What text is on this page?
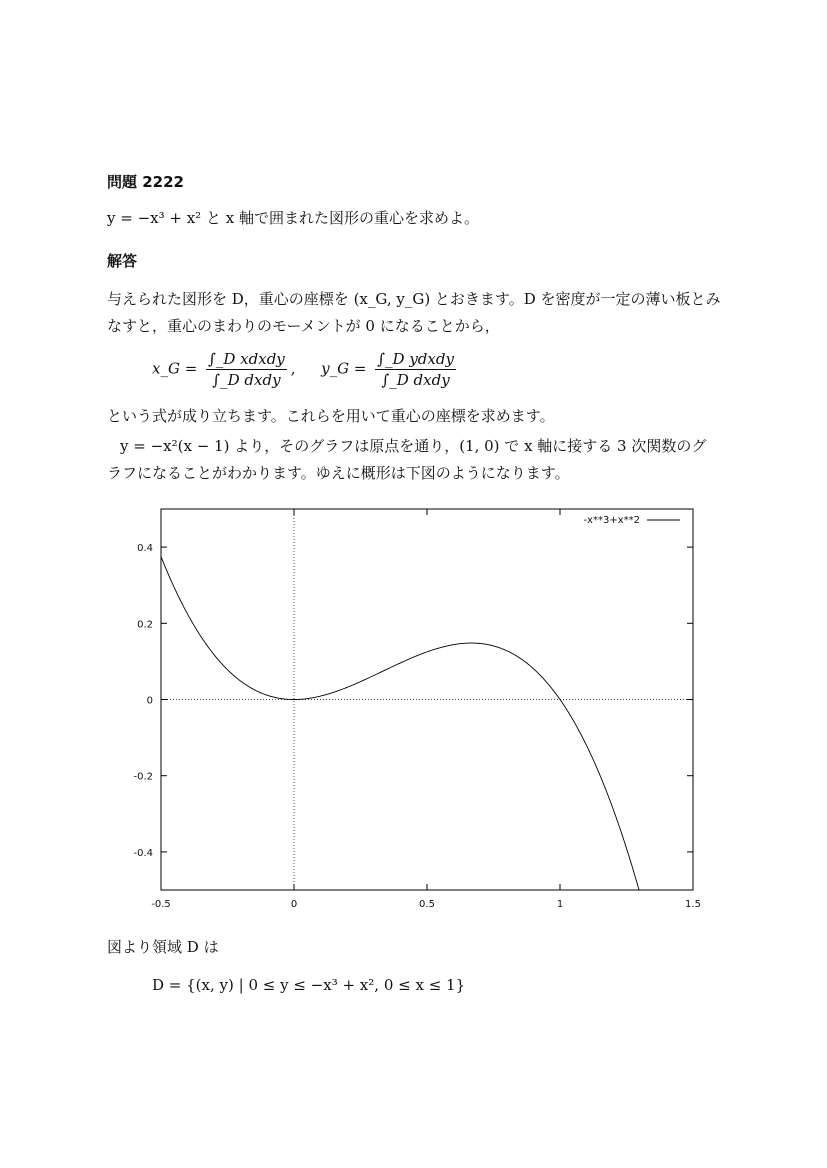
問題 2222
y = −x³ + x² と x 軸で囲まれた図形の重心を求めよ。
解答
与えられた図形を D，重心の座標を (x_G, y_G) とおきます。D を密度が一定の薄い板とみ
なすと，重心のまわりのモーメントが 0 になることから，
x_G = $\frac{\text{∫\_D xdxdy}}{\text{∫\_D dxdy}}$ , y_G = $\frac{\text{∫\_D ydxdy}}{\text{∫\_D dxdy}}$
という式が成り立ちます。これらを用いて重心の座標を求めます。
y = −x²(x − 1) より，そのグラフは原点を通り，(1, 0) で x 軸に接する 3 次関数のグ
ラフになることがわかります。ゆえに概形は下図のようになります。
-0.5	0	0.5	1	1.5
-0.4
-0.2
0
0.2
0.4
-x**3+x**2
図より領域 D は
D = {(x, y) | 0 ≤ y ≤ −x³ + x², 0 ≤ x ≤ 1}
